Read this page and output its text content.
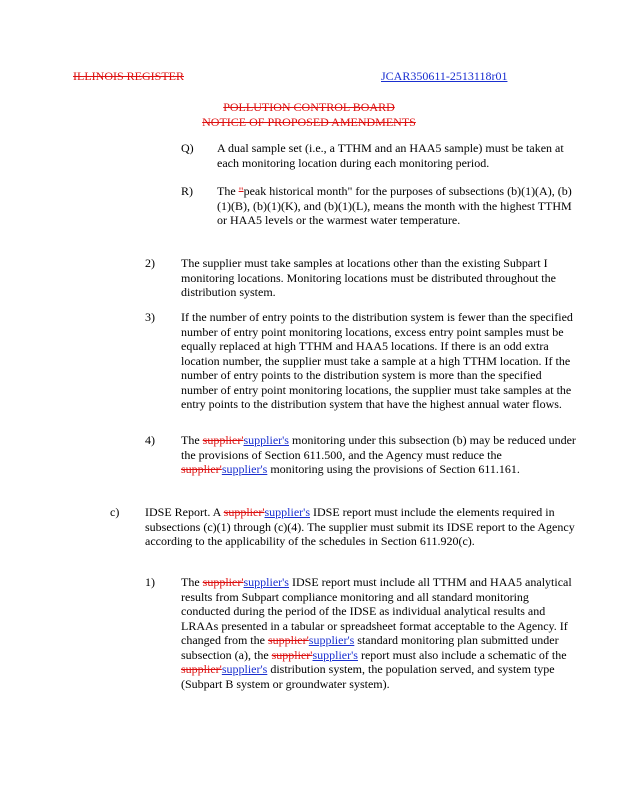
ILLINOIS REGISTER	JCAR350611-2513118r01
POLLUTION CONTROL BOARD
NOTICE OF PROPOSED AMENDMENTS
Q) A dual sample set (i.e., a TTHM and an HAA5 sample) must be taken at each monitoring location during each monitoring period.
R) The "peak historical month" for the purposes of subsections (b)(1)(A), (b)(1)(B), (b)(1)(K), and (b)(1)(L), means the month with the highest TTHM or HAA5 levels or the warmest water temperature.
2) The supplier must take samples at locations other than the existing Subpart I monitoring locations. Monitoring locations must be distributed throughout the distribution system.
3) If the number of entry points to the distribution system is fewer than the specified number of entry point monitoring locations, excess entry point samples must be equally replaced at high TTHM and HAA5 locations. If there is an odd extra location number, the supplier must take a sample at a high TTHM location. If the number of entry points to the distribution system is more than the specified number of entry point monitoring locations, the supplier must take samples at the entry points to the distribution system that have the highest annual water flows.
4) The supplier'supplier's monitoring under this subsection (b) may be reduced under the provisions of Section 611.500, and the Agency must reduce the supplier'supplier's monitoring using the provisions of Section 611.161.
c) IDSE Report. A supplier'supplier's IDSE report must include the elements required in subsections (c)(1) through (c)(4). The supplier must submit its IDSE report to the Agency according to the applicability of the schedules in Section 611.920(c).
1) The supplier'supplier's IDSE report must include all TTHM and HAA5 analytical results from Subpart compliance monitoring and all standard monitoring conducted during the period of the IDSE as individual analytical results and LRAAs presented in a tabular or spreadsheet format acceptable to the Agency. If changed from the supplier'supplier's standard monitoring plan submitted under subsection (a), the supplier'supplier's report must also include a schematic of the supplier'supplier's distribution system, the population served, and system type (Subpart B system or groundwater system).
